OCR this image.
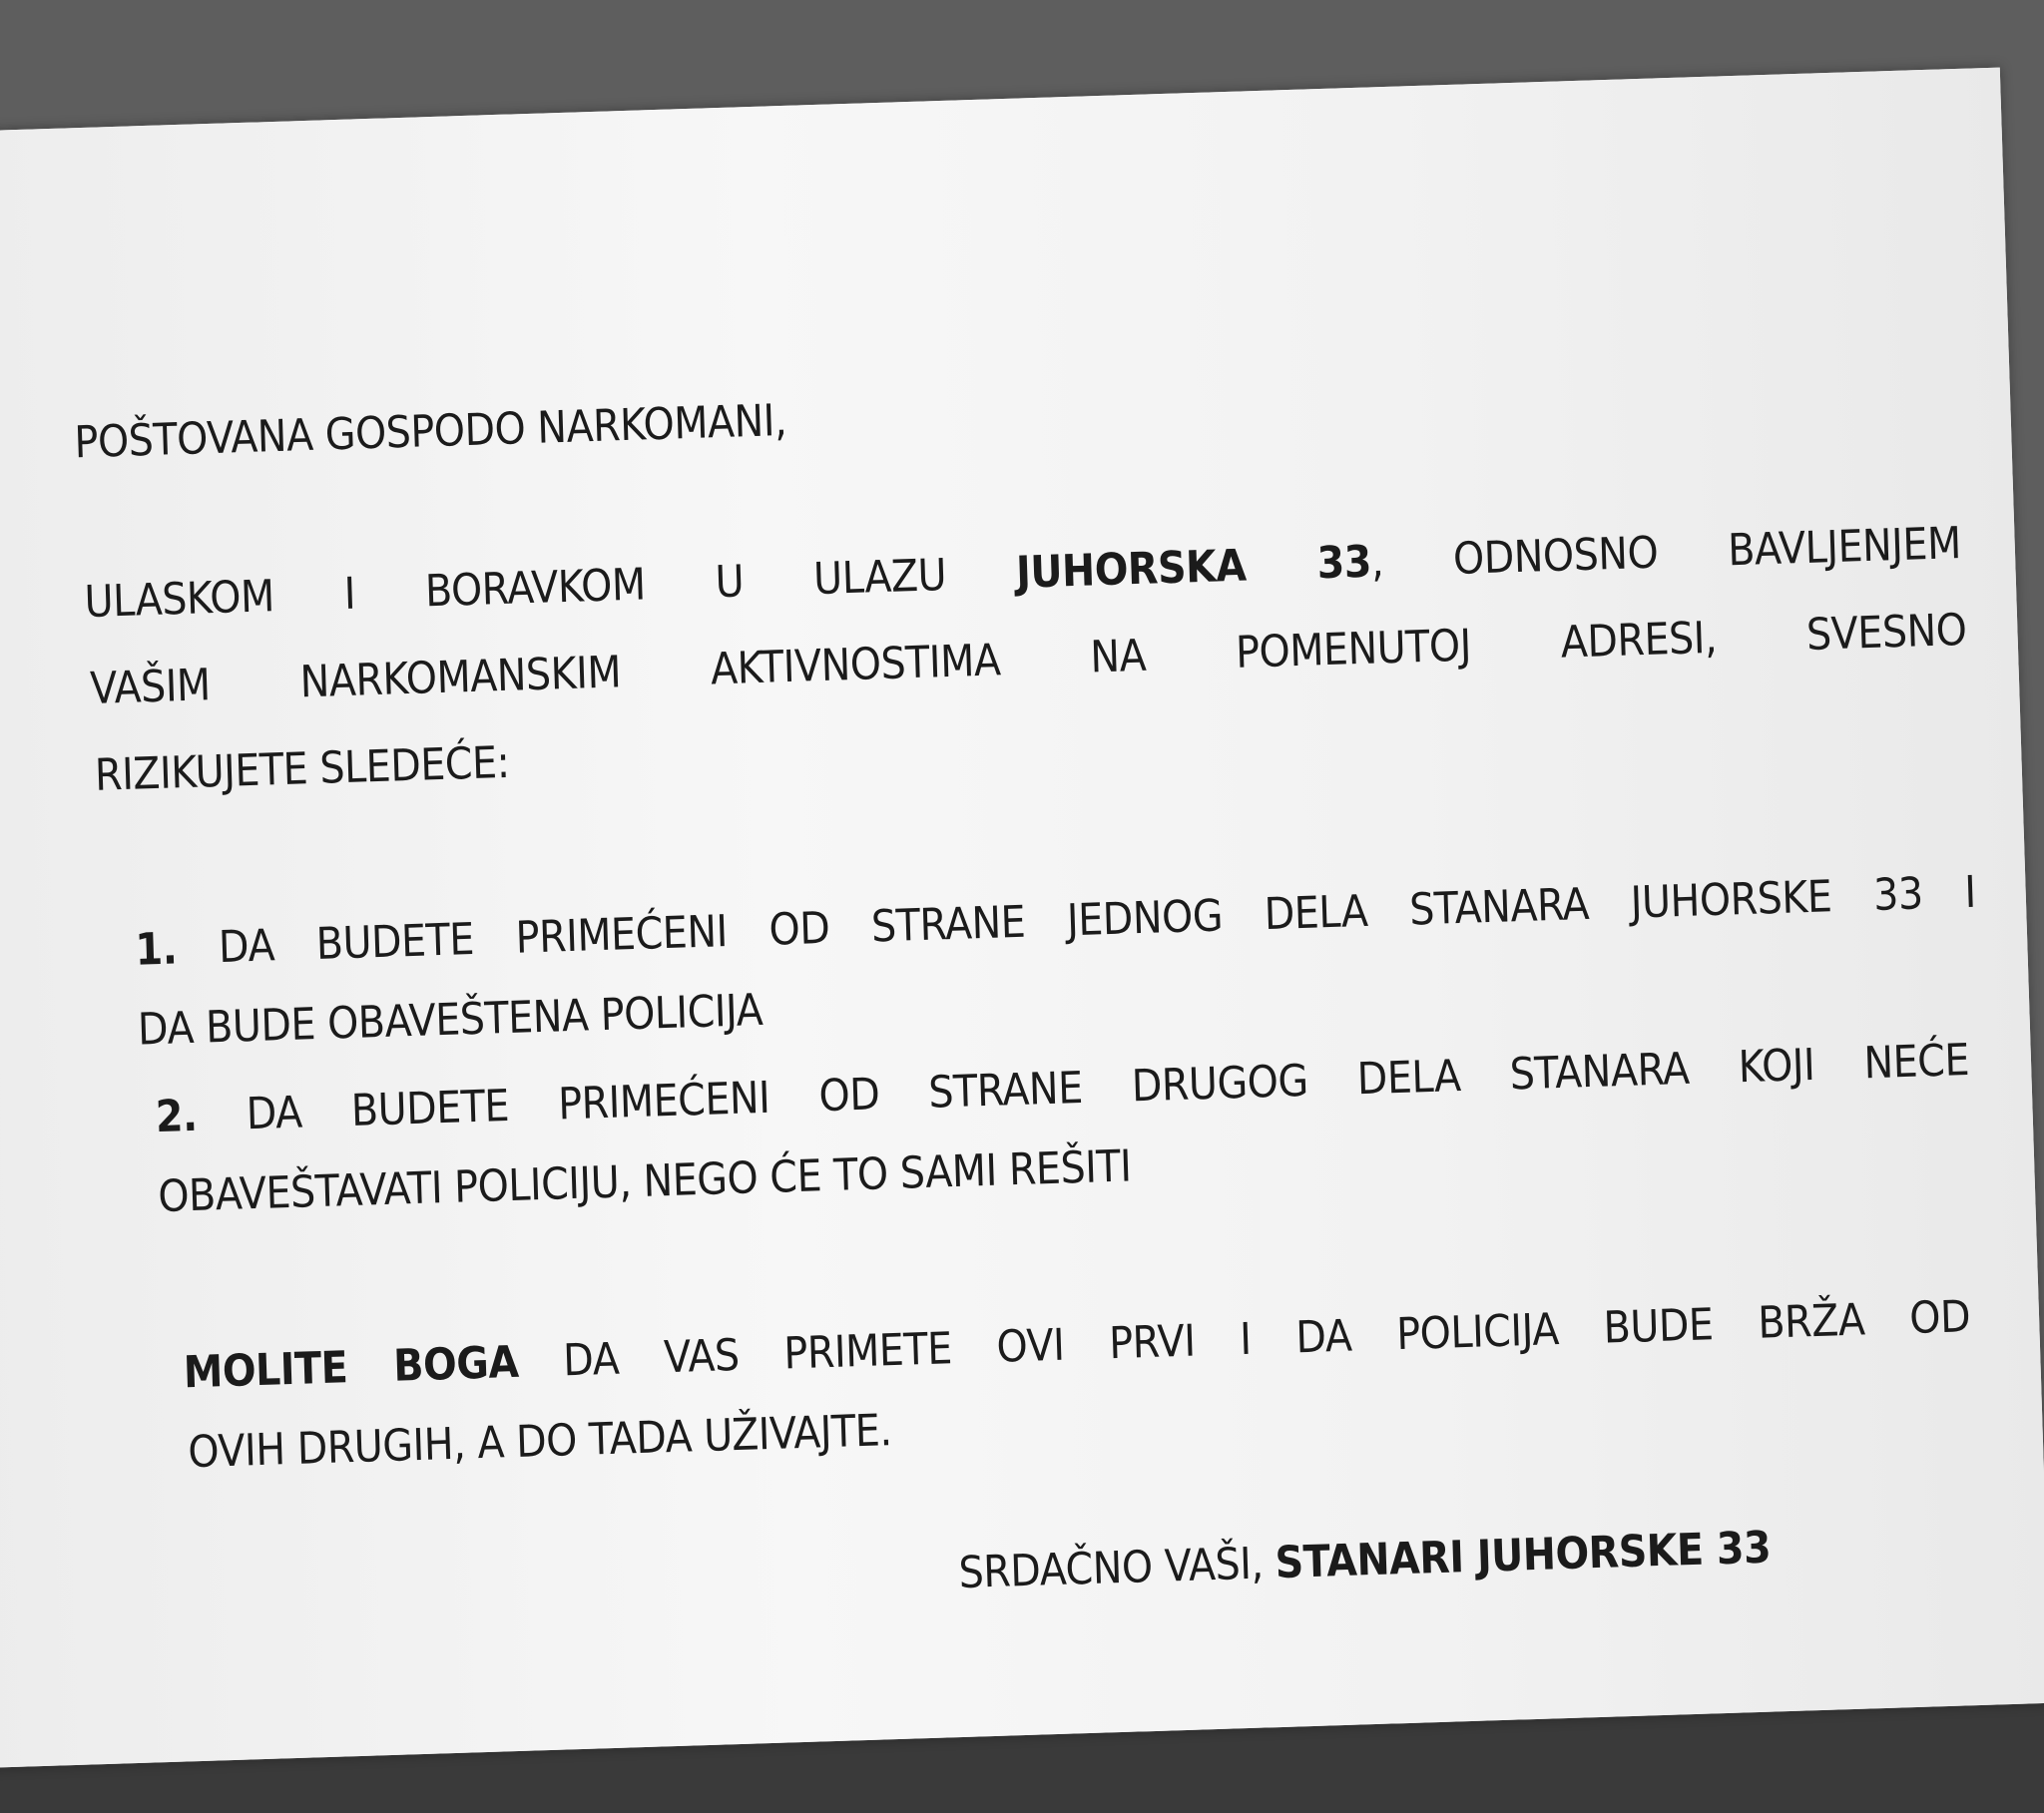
POŠTOVANA GOSPODO NARKOMANI,
ULASKOM I BORAVKOM U ULAZU JUHORSKA 33, ODNOSNO BAVLJENJEM
VAŠIM NARKOMANSKIM AKTIVNOSTIMA NA POMENUTOJ ADRESI, SVESNO
RIZIKUJETE SLEDEĆE:
1. DA BUDETE PRIMEĆENI OD STRANE JEDNOG DELA STANARA JUHORSKE 33 I
DA BUDE OBAVEŠTENA POLICIJA
2. DA BUDETE PRIMEĆENI OD STRANE DRUGOG DELA STANARA KOJI NEĆE
OBAVEŠTAVATI POLICIJU, NEGO ĆE TO SAMI REŠITI
MOLITE BOGA DA VAS PRIMETE OVI PRVI I DA POLICIJA BUDE BRŽA OD
OVIH DRUGIH, A DO TADA UŽIVAJTE.
SRDAČNO VAŠI, STANARI JUHORSKE 33
